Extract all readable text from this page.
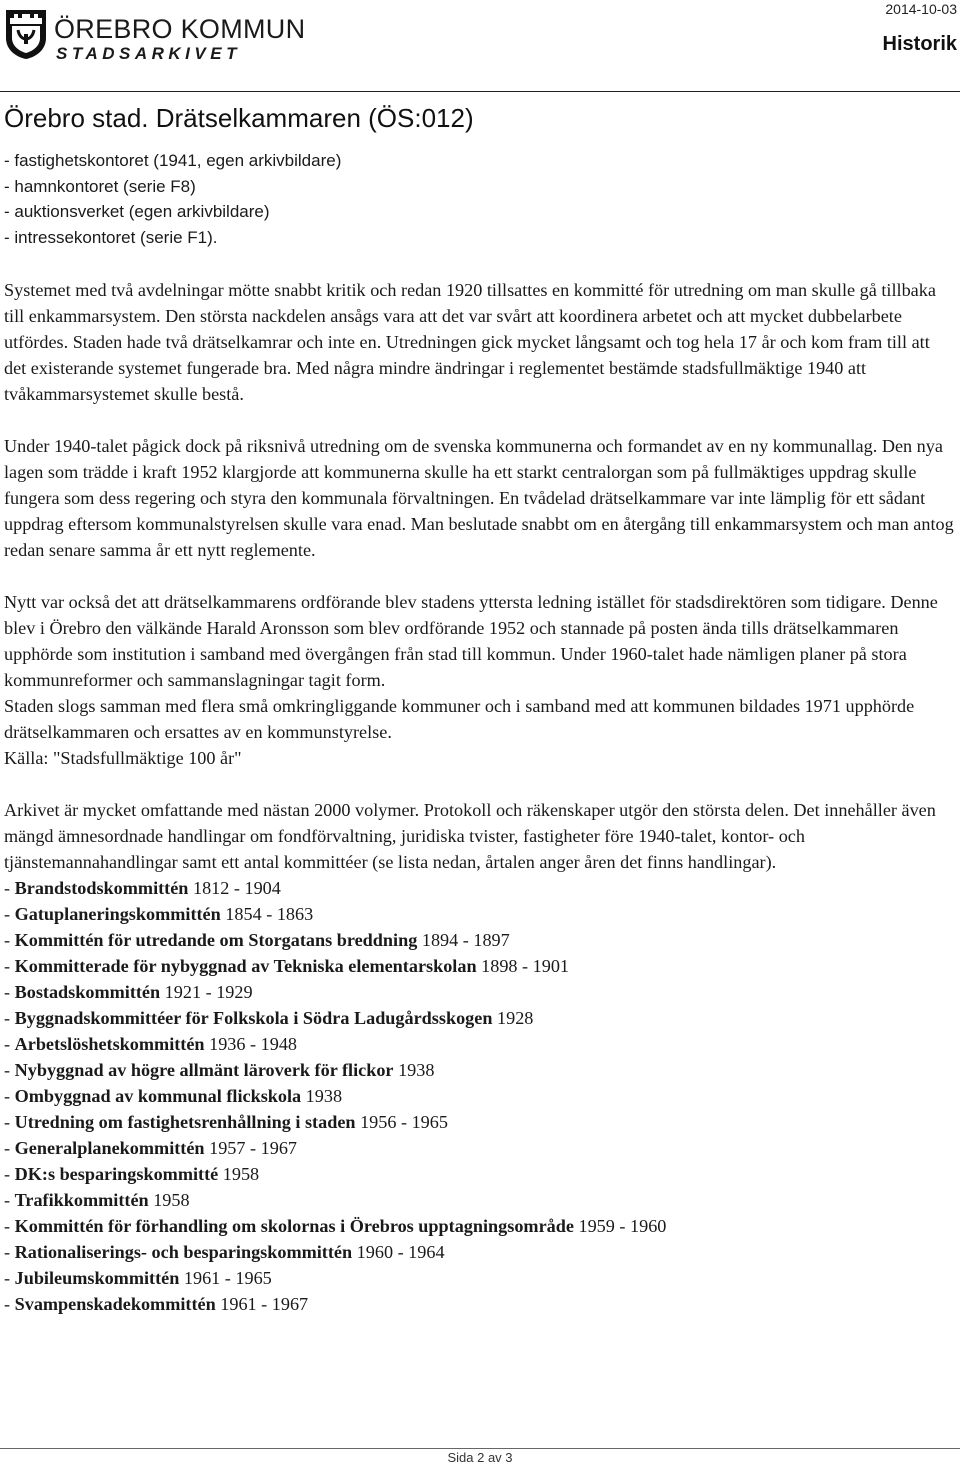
ÖREBRO KOMMUN
STADSARKIVET
2014-10-03
Historik
Örebro stad. Drätselkammaren (ÖS:012)
- fastighetskontoret (1941, egen arkivbildare)
- hamnkontoret (serie F8)
- auktionsverket (egen arkivbildare)
- intressekontoret (serie F1).

Systemet med två avdelningar mötte snabbt kritik och redan 1920 tillsattes en kommitté för utredning om man skulle gå tillbaka till enkammarsystem. Den största nackdelen ansågs vara att det var svårt att koordinera arbetet och att mycket dubbelarbete utfördes. Staden hade två drätselkamrar och inte en. Utredningen gick mycket långsamt och tog hela 17 år och kom fram till att det existerande systemet fungerade bra. Med några mindre ändringar i reglementet bestämde stadsfullmäktige 1940 att tvåkammarsystemet skulle bestå.

Under 1940-talet pågick dock på riksnivå utredning om de svenska kommunerna och formandet av en ny kommunallag. Den nya lagen som trädde i kraft 1952 klargjorde att kommunerna skulle ha ett starkt centralorgan som på fullmäktiges uppdrag skulle fungera som dess regering och styra den kommunala förvaltningen. En tvådelad drätselkammare var inte lämplig för ett sådant uppdrag eftersom kommunalstyrelsen skulle vara enad. Man beslutade snabbt om en återgång till enkammarsystem och man antog redan senare samma år ett nytt reglemente.

Nytt var också det att drätselkammarens ordförande blev stadens yttersta ledning istället för stadsdirektören som tidigare. Denne blev i Örebro den välkände Harald Aronsson som blev ordförande 1952 och stannade på posten ända tills drätselkammaren upphörde som institution i samband med övergången från stad till kommun. Under 1960-talet hade nämligen planer på stora kommunreformer och sammanslagningar tagit form.

Staden slogs samman med flera små omkringliggande kommuner och i samband med att kommunen bildades 1971 upphörde drätselkammaren och ersattes av en kommunstyrelse.

Källa: "Stadsfullmäktige 100 år"

Arkivet är mycket omfattande med nästan 2000 volymer. Protokoll och räkenskaper utgör den största delen. Det innehåller även mängd ämnesordnade handlingar om fondförvaltning, juridiska tvister, fastigheter före 1940-talet, kontor- och tjänstemannahandlingar samt ett antal kommittéer (se lista nedan, årtalen anger åren det finns handlingar).

- Brandstodskommittén 1812 - 1904
- Gatuplaneringskommittén 1854 - 1863
- Kommittén för utredande om Storgatans breddning 1894 - 1897
- Kommitterade för nybyggnad av Tekniska elementarskolan 1898 - 1901
- Bostadskommittén 1921 - 1929
- Byggnadskommittéer för Folkskola i Södra Ladugårdsskogen 1928
- Arbetslöshetskommittén 1936 - 1948
- Nybyggnad av högre allmänt läroverk för flickor 1938
- Ombyggnad av kommunal flickskola 1938
- Utredning om fastighetsrenhållning i staden 1956 - 1965
- Generalplanekommittén 1957 - 1967
- DK:s besparingskommitté 1958
- Trafikkommittén 1958
- Kommittén för förhandling om skolornas i Örebros upptagningsområde 1959 - 1960
- Rationaliserings- och besparingskommittén 1960 - 1964
- Jubileumskommittén 1961 - 1965
- Svampenskadekommittén 1961 - 1967
Sida 2 av 3
